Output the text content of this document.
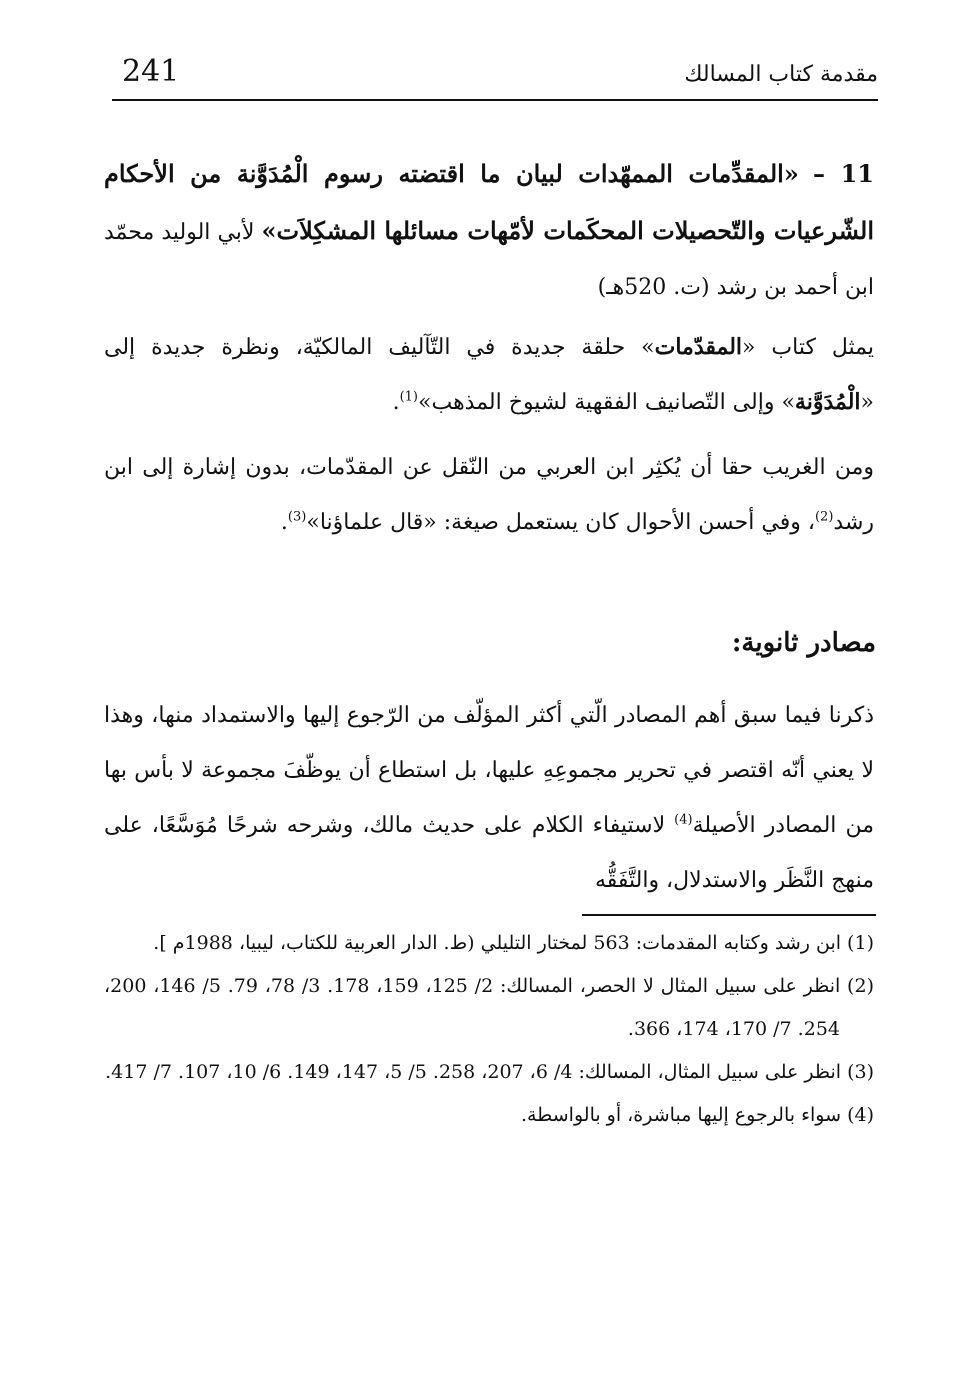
241	مقدمة كتاب المسالك
11 – «المقدِّمات الممهّدات لبيان ما اقتضته رسوم الْمُدَوَّنة من الأحكام الشّرعيات والتّحصيلات المحكَمات لأمّهات مسائلها المشكِلاَت» لأبي الوليد محمّد ابن أحمد بن رشد (ت. 520هـ)
يمثل كتاب «المقدّمات» حلقة جديدة في التّآليف المالكيّة، ونظرة جديدة إلى «الْمُدَوَّنة» وإلى التّصانيف الفقهية لشيوخ المذهب»$^{(1)}$.
ومن الغريب حقا أن يُكثِر ابن العربي من النّقل عن المقدّمات، بدون إشارة إلى ابن رشد$^{(2)}$، وفي أحسن الأحوال كان يستعمل صيغة: «قال علماؤنا»$^{(3)}$.
مصادر ثانوية:
ذكرنا فيما سبق أهم المصادر الّتي أكثر المؤلّف من الرّجوع إليها والاستمداد منها، وهذا لا يعني أنّه اقتصر في تحرير مجموعِهِ عليها، بل استطاع أن يوظّفَ مجموعة لا بأس بها من المصادر الأصيلة$^{(4)}$ لاستيفاء الكلام على حديث مالك، وشرحه شرحًا مُوَسَّعًا، على منهج النَّظَر والاستدلال، والتَّفَقُّه
(1) ابن رشد وكتابه المقدمات: 563 لمختار التليلي (ط. الدار العربية للكتاب، ليبيا، 1988م ].
(2) انظر على سبيل المثال لا الحصر، المسالك: 2/ 125، 159، 178. 3/ 78، 79. 5/ 146، 200، 254. 7/ 170، 174، 366.
(3) انظر على سبيل المثال، المسالك: 4/ 6، 207، 258. 5/ 5، 147، 149. 6/ 10، 107. 7/ 417.
(4) سواء بالرجوع إليها مباشرة، أو بالواسطة.
